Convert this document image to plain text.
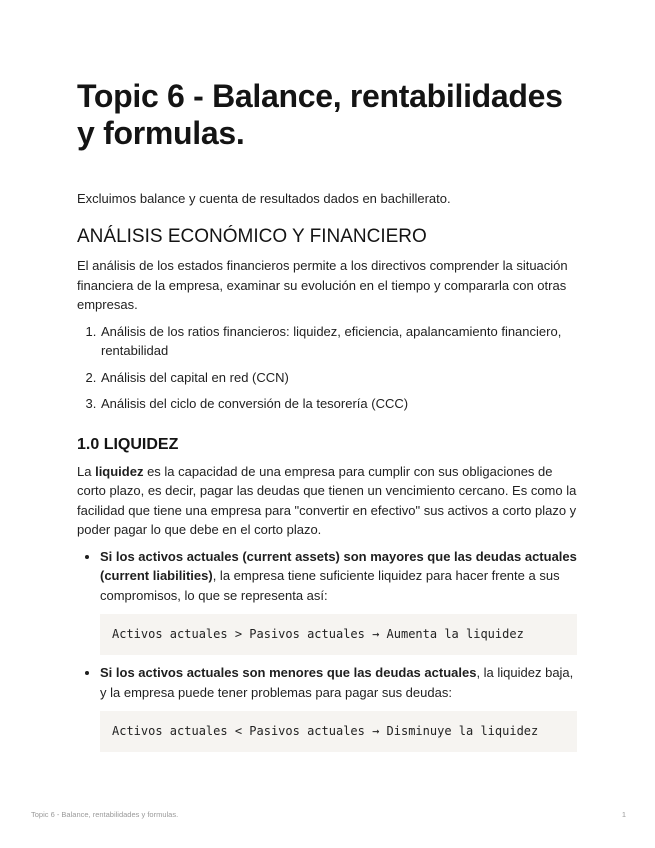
Topic 6 - Balance, rentabilidades y formulas.

Excluimos balance y cuenta de resultados dados en bachillerato.

ANÁLISIS ECONÓMICO Y FINANCIERO

El análisis de los estados financieros permite a los directivos comprender la situación financiera de la empresa, examinar su evolución en el tiempo y compararla con otras empresas.

1. Análisis de los ratios financieros: liquidez, eficiencia, apalancamiento financiero, rentabilidad
2. Análisis del capital en red (CCN)
3. Análisis del ciclo de conversión de la tesorería (CCC)
1.0 LIQUIDEZ

La liquidez es la capacidad de una empresa para cumplir con sus obligaciones de corto plazo, es decir, pagar las deudas que tienen un vencimiento cercano. Es como la facilidad que tiene una empresa para "convertir en efectivo" sus activos a corto plazo y poder pagar lo que debe en el corto plazo.

• Si los activos actuales (current assets) son mayores que las deudas actuales (current liabilities), la empresa tiene suficiente liquidez para hacer frente a sus compromisos, lo que se representa así:
Activos actuales > Pasivos actuales → Aumenta la liquidez
• Si los activos actuales son menores que las deudas actuales, la liquidez baja, y la empresa puede tener problemas para pagar sus deudas:
Activos actuales < Pasivos actuales → Disminuye la liquidez
Topic 6 - Balance, rentabilidades y formulas.	1
